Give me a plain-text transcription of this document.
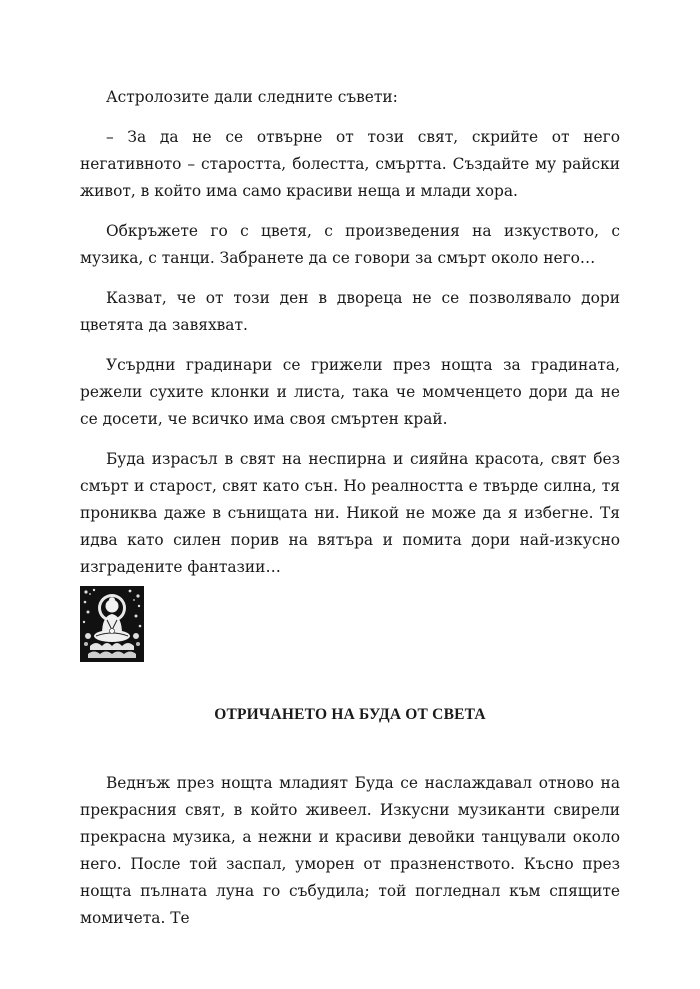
Астролозите дали следните съвети:

– За да не се отвърне от този свят, скрийте от него негативното – старостта, болестта, смъртта. Създайте му райски живот, в който има само красиви неща и млади хора.

Обкръжете го с цветя, с произведения на изкуството, с музика, с танци. Забранете да се говори за смърт около него…

Казват, че от този ден в двореца не се позволявало дори цветята да завяхват.

Усърдни градинари се грижели през нощта за градината, режели сухите клонки и листа, така че момченцето дори да не се досети, че всичко има своя смъртен край.

Буда израсъл в свят на неспирна и сияйна красота, свят без смърт и старост, свят като сън. Но реалността е твърде силна, тя прониква даже в сънищата ни. Никой не може да я избегне. Тя идва като силен порив на вятъра и помита дори най-изкусно изградените фантазии…

ОТРИЧАНЕТО НА БУДА ОТ СВЕТА

Веднъж през нощта младият Буда се наслаждавал отново на прекрасния свят, в който живеел. Изкусни музиканти свирели прекрасна музика, а нежни и красиви девойки танцували около него. После той заспал, уморен от празненството. Късно през нощта пълната луна го събудила; той погледнал към спящите момичета. Те
